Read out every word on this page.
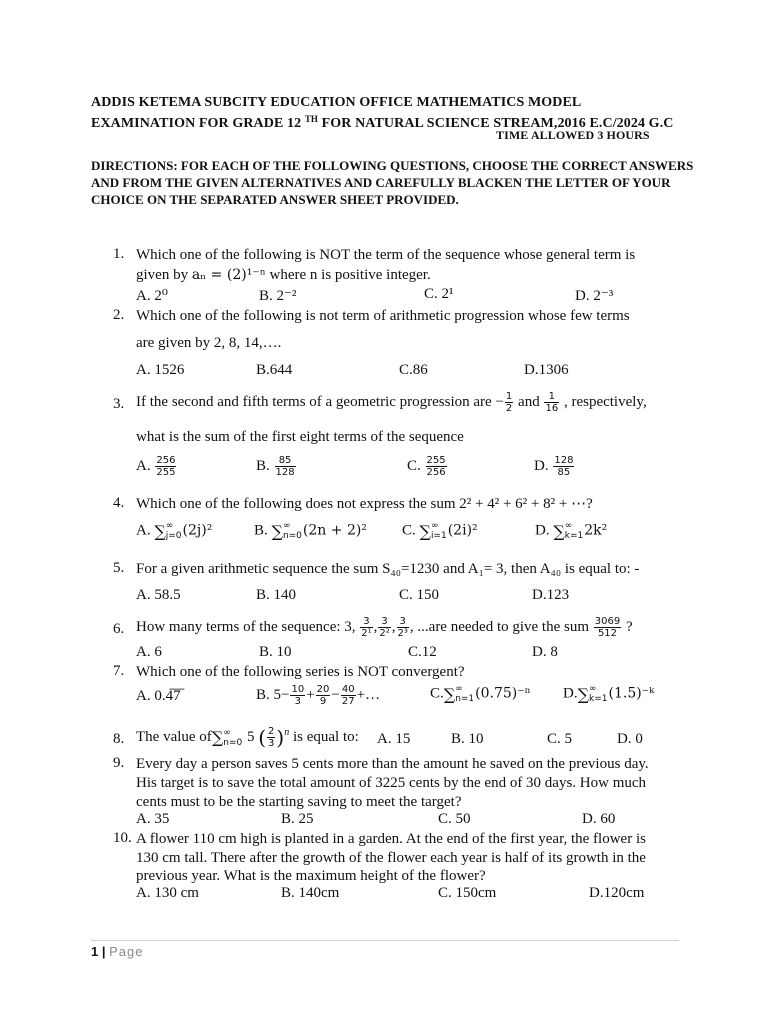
ADDIS KETEMA SUBCITY EDUCATION OFFICE MATHEMATICS MODEL
EXAMINATION FOR GRADE 12 $^{TH}$ FOR NATURAL SCIENCE STREAM,2016 E.C/2024 G.C
TIME ALLOWED 3 HOURS
DIRECTIONS: FOR EACH OF THE FOLLOWING QUESTIONS, CHOOSE THE CORRECT ANSWERS
AND FROM THE GIVEN ALTERNATIVES AND CAREFULLY BLACKEN THE LETTER OF YOUR
CHOICE ON THE SEPARATED ANSWER SHEET PROVIDED.
1. Which one of the following is NOT the term of the sequence whose general term is
given by aₙ = (2)¹⁻ⁿ where n is positive integer.
A. 2⁰	B. 2⁻²	C. 2¹	D. 2⁻³
2. Which one of the following is not term of arithmetic progression whose few terms
are given by 2, 8, 14,….
A. 1526	B.644	C.86	D.1306
3. If the second and fifth terms of a geometric progression are − $\frac{1}{2}$ and $\frac{1}{16}$ , respectively,
what is the sum of the first eight terms of the sequence
A. $\frac{256}{255}$	B. $\frac{85}{128}$	C. $\frac{255}{256}$	D. $\frac{128}{85}$
4. Which one of the following does not express the sum 2² + 4² + 6² + 8² + ⋯?
A. ∑ ∞
j=0 (2j)²	B. ∑ ∞
n=0 (2n + 2)² C. ∑ ∞
i=1 (2i)²	D. ∑ ∞
k=1 2k²
5. For a given arithmetic sequence the sum S₄₀=1230 and A₁= 3, then A₄₀ is equal to: -
A. 58.5	B. 140	C. 150	D.123
6. How many terms of the sequence: 3, $\frac{3}{\text{2¹}}$ , $\frac{3}{\text{2²}}$ , $\frac{3}{\text{2³}}$ , ...are needed to give the sum $\frac{3069}{512}$ ?
A. 6	B. 10	C.12	D. 8
7. Which one of the following series is NOT convergent?
A. 0.4̅7̅	B. $5- \frac{10}{3} + \frac{20}{9} - \frac{40}{27}$ +…	C.∑ ∞
n=1 (0.75)⁻ⁿ D.∑ ∞
k=1 (1.5)⁻ᵏ
8. The value of∑ ∞
n=0 5 ( $\frac{2}{3} )^n$ is equal to: A. 15	B. 10	C. 5	D. 0
9. Every day a person saves 5 cents more than the amount he saved on the previous day.
His target is to save the total amount of 3225 cents by the end of 30 days. How much
cents must to be the starting saving to meet the target?
A. 35	B. 25	C. 50	D. 60
10. A flower 110 cm high is planted in a garden. At the end of the first year, the flower is
130 cm tall. There after the growth of the flower each year is half of its growth in the
previous year. What is the maximum height of the flower?
A. 130 cm	B. 140cm	C. 150cm	D.120cm
1 | Page
